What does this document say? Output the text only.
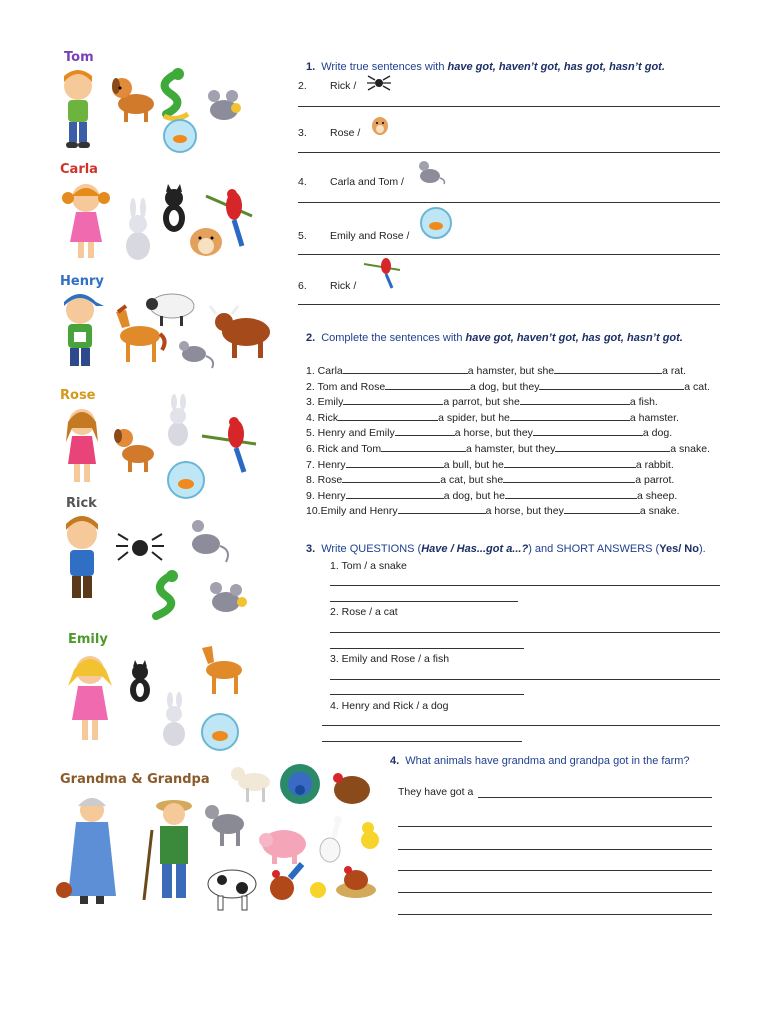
Tom
Carla
Henry
Rose
Rick
Emily
Grandma & Grandpa
1. Write true sentences with have got, haven’t got, has got, hasn’t got.
2. Rick /
3. Rose /
4. Carla and Tom /
5. Emily and Rose /
6. Rick /
2. Complete the sentences with have got, haven’t got, has got, hasn’t got.
1. Carla	a hamster, but she	a rat.
2. Tom and Rose	a dog, but they	a cat.
3. Emily	a parrot, but she	a fish.
4. Rick	a spider, but he	a hamster.
5. Henry and Emily	a horse, but they	a dog.
6. Rick and Tom	a hamster, but they	a snake.
7. Henry	a bull, but he	a rabbit.
8. Rose	a cat, but she	a parrot.
9. Henry	a dog, but he	a sheep.
10.Emily and Henry	a horse, but they	a snake.
3. Write QUESTIONS (Have / Has...got a...?) and SHORT ANSWERS (Yes/ No).
1. Tom / a snake
2. Rose / a cat
3. Emily and Rose / a fish
4. Henry and Rick / a dog
4. What animals have grandma and grandpa got in the farm?
They have got a
